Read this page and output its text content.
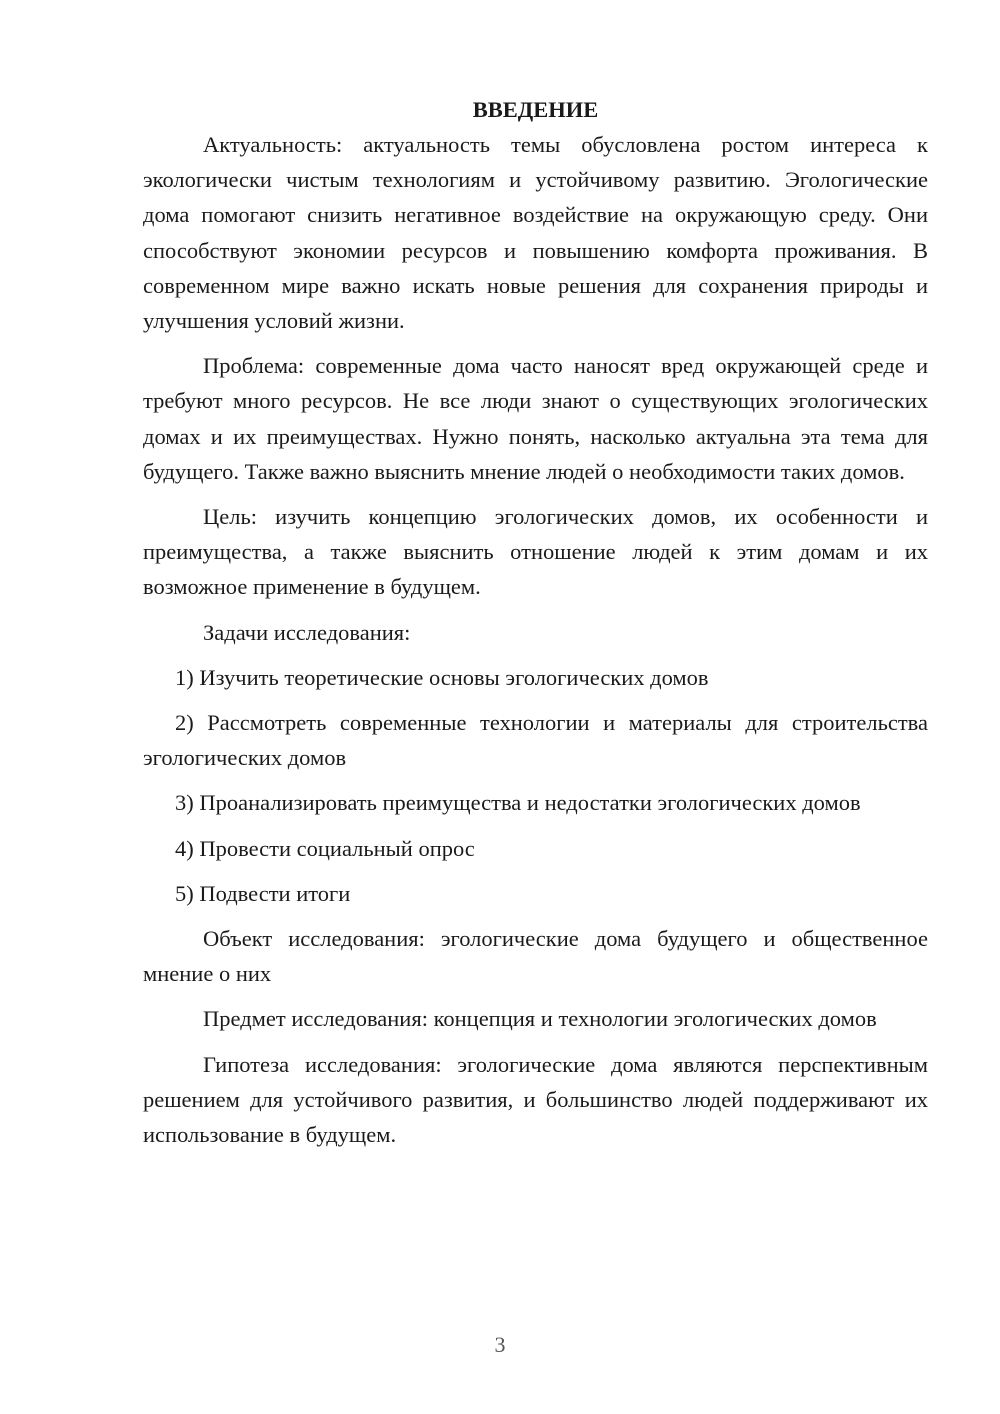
ВВЕДЕНИЕ

Актуальность: актуальность темы обусловлена ростом интереса к экологически чистым технологиям и устойчивому развитию. Эгологические дома помогают снизить негативное воздействие на окружающую среду. Они способствуют экономии ресурсов и повышению комфорта проживания. В современном мире важно искать новые решения для сохранения природы и улучшения условий жизни.

Проблема: современные дома часто наносят вред окружающей среде и требуют много ресурсов. Не все люди знают о существующих эгологических домах и их преимуществах. Нужно понять, насколько актуальна эта тема для будущего. Также важно выяснить мнение людей о необходимости таких домов.

Цель: изучить концепцию эгологических домов, их особенности и преимущества, а также выяснить отношение людей к этим домам и их возможное применение в будущем.

Задачи исследования:

1) Изучить теоретические основы эгологических домов

2) Рассмотреть современные технологии и материалы для строительства эгологических домов

3) Проанализировать преимущества и недостатки эгологических домов

4) Провести социальный опрос

5) Подвести итоги

Объект исследования: эгологические дома будущего и общественное мнение о них

Предмет исследования: концепция и технологии эгологических домов

Гипотеза исследования: эгологические дома являются перспективным решением для устойчивого развития, и большинство людей поддерживают их использование в будущем.

3
